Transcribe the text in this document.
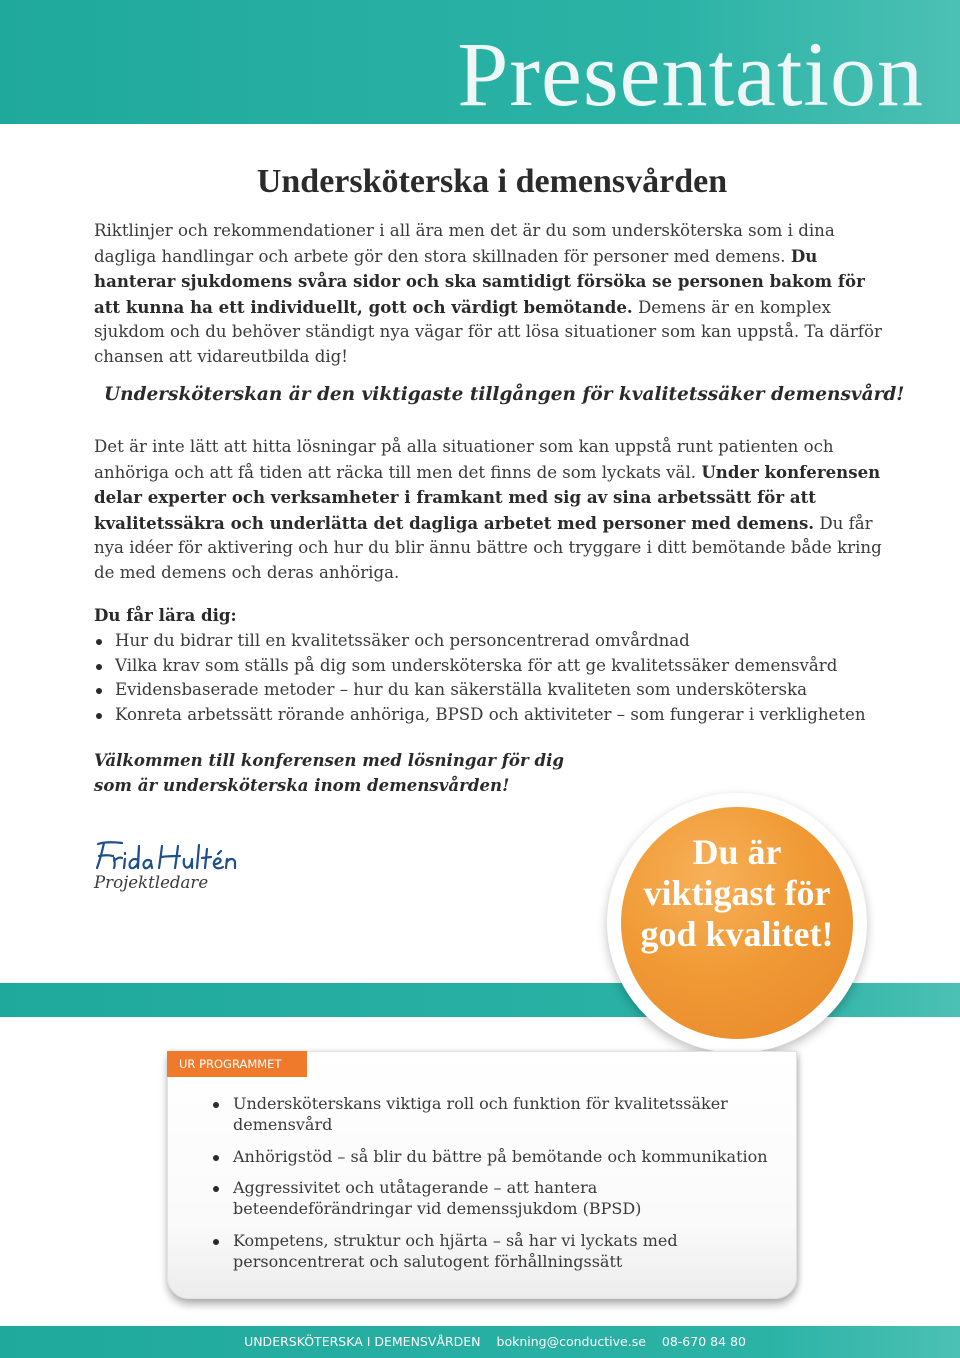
Presentation
Undersköterska i demensvården

Riktlinjer och rekommendationer i all ära men det är du som undersköterska som i dina dagliga handlingar och arbete gör den stora skillnaden för personer med demens. Du hanterar sjukdomens svåra sidor och ska samtidigt försöka se personen bakom för att kunna ha ett individuellt, gott och värdigt bemötande. Demens är en komplex sjukdom och du behöver ständigt nya vägar för att lösa situationer som kan uppstå. Ta därför chansen att vidareutbilda dig!

Undersköterskan är den viktigaste tillgången för kvalitetssäker demensvård!

Det är inte lätt att hitta lösningar på alla situationer som kan uppstå runt patienten och anhöriga och att få tiden att räcka till men det finns de som lyckats väl. Under konferensen delar experter och verksamheter i framkant med sig av sina arbetssätt för att kvalitetssäkra och underlätta det dagliga arbetet med personer med demens. Du får nya idéer för aktivering och hur du blir ännu bättre och tryggare i ditt bemötande både kring de med demens och deras anhöriga.

Du får lära dig:

Hur du bidrar till en kvalitetssäker och personcentrerad omvårdnad
Vilka krav som ställs på dig som undersköterska för att ge kvalitetssäker demensvård
Evidensbaserade metoder – hur du kan säkerställa kvaliteten som undersköterska
Konreta arbetssätt rörande anhöriga, BPSD och aktiviteter – som fungerar i verkligheten

Välkommen till konferensen med lösningar för dig
som är undersköterska inom demensvården!

Projektledare

Du är
viktigast för
god kvalitet!
UR PROGRAMMET
Undersköterskans viktiga roll och funktion för kvalitetssäker demensvård
Anhörigstöd – så blir du bättre på bemötande och kommunikation
Aggressivitet och utåtagerande – att hantera beteendeförändringar vid demenssjukdom (BPSD)
Kompetens, struktur och hjärta – så har vi lyckats med personcentrerat och salutogent förhållningssätt
UNDERSKÖTERSKA I DEMENSVÅRDEN bokning@conductive.se 08-670 84 80
